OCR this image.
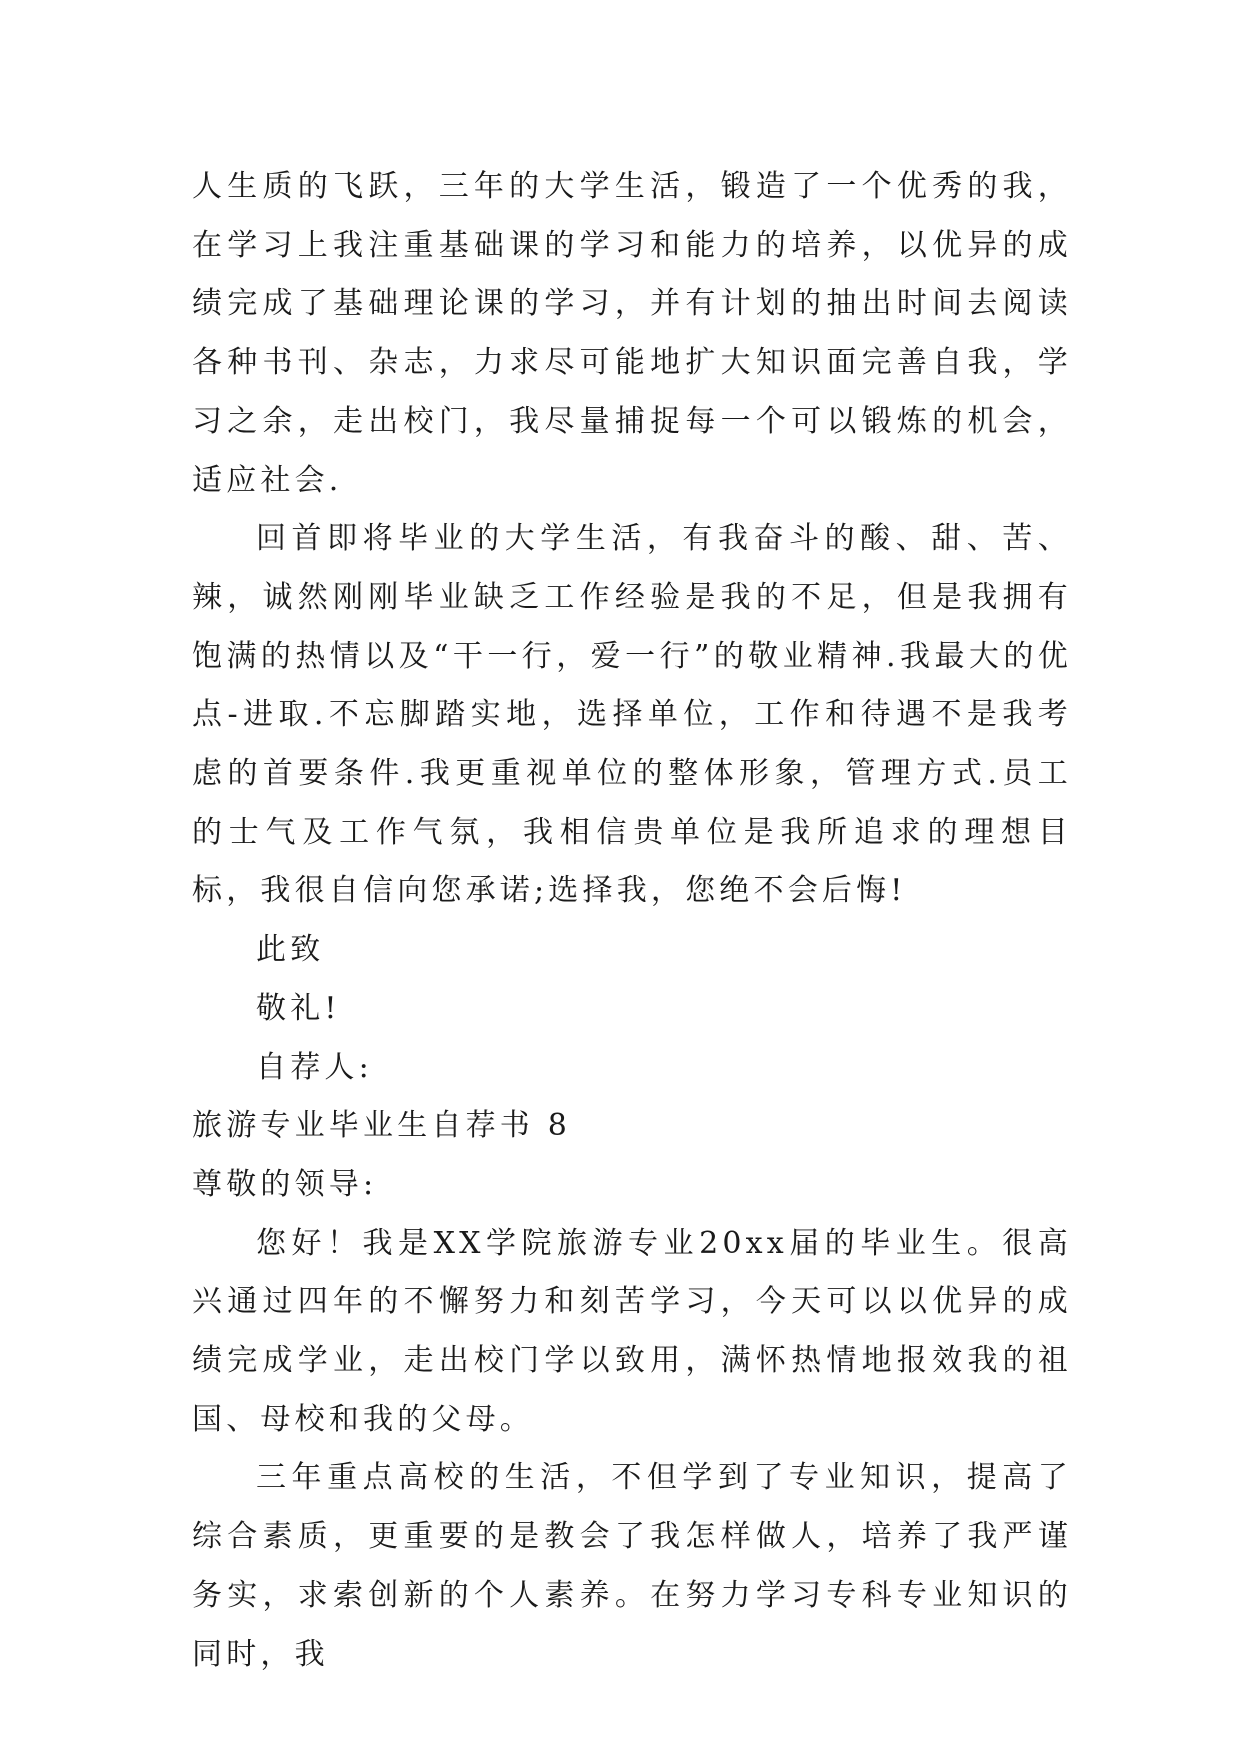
人生质的飞跃，三年的大学生活，锻造了一个优秀的我，在学习上我注重基础课的学习和能力的培养，以优异的成绩完成了基础理论课的学习，并有计划的抽出时间去阅读各种书刊、杂志，力求尽可能地扩大知识面完善自我，学习之余，走出校门，我尽量捕捉每一个可以锻炼的机会，适应社会.

回首即将毕业的大学生活，有我奋斗的酸、甜、苦、辣，诚然刚刚毕业缺乏工作经验是我的不足，但是我拥有饱满的热情以及“干一行，爱一行”的敬业精神.我最大的优点-进取.不忘脚踏实地，选择单位，工作和待遇不是我考虑的首要条件.我更重视单位的整体形象，管理方式.员工的士气及工作气氛，我相信贵单位是我所追求的理想目标，我很自信向您承诺;选择我，您绝不会后悔!

此致

敬礼!

自荐人:

旅游专业毕业生自荐书 8

尊敬的领导:

您好！我是XX学院旅游专业20xx届的毕业生。很高兴通过四年的不懈努力和刻苦学习，今天可以以优异的成绩完成学业，走出校门学以致用，满怀热情地报效我的祖国、母校和我的父母。

三年重点高校的生活，不但学到了专业知识，提高了综合素质，更重要的是教会了我怎样做人，培养了我严谨务实，求索创新的个人素养。在努力学习专科专业知识的同时，我
